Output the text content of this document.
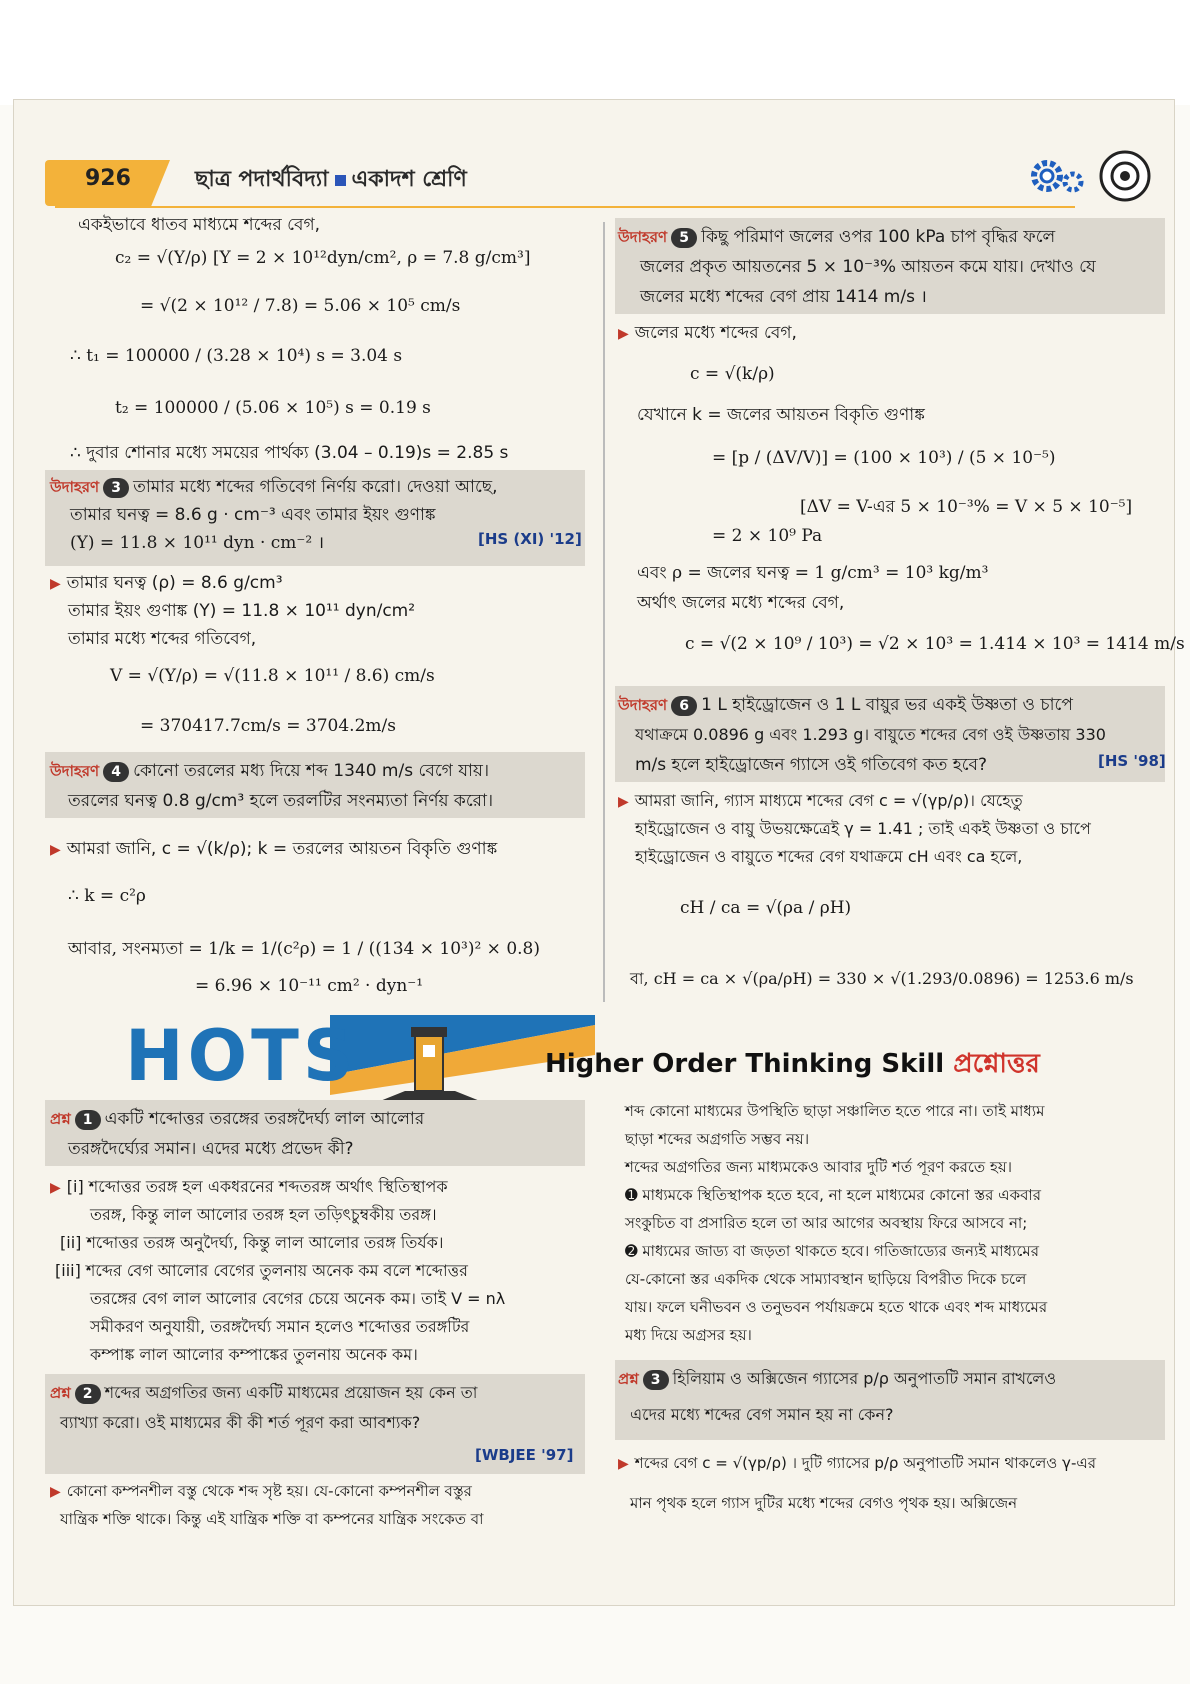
926	ছাত্র পদার্থবিদ্যা একাদশ শ্রেণি
একইভাবে ধাতব মাধ্যমে শব্দের বেগ,
c₂ = √(Y/ρ) [Y = 2 × 10¹²dyn/cm², ρ = 7.8 g/cm³]
= √(2 × 10¹² / 7.8) = 5.06 × 10⁵ cm/s
∴ t₁ = 100000 / (3.28 × 10⁴) s = 3.04 s
t₂ = 100000 / (5.06 × 10⁵) s = 0.19 s
∴ দুবার শোনার মধ্যে সময়ের পার্থক্য (3.04 – 0.19)s = 2.85 s
উদাহরণ 3 তামার মধ্যে শব্দের গতিবেগ নির্ণয় করো। দেওয়া আছে,
তামার ঘনত্ব = 8.6 g · cm⁻³ এবং তামার ইয়ং গুণাঙ্ক
(Y) = 11.8 × 10¹¹ dyn · cm⁻² ।	[HS (XI) '12]
▶ তামার ঘনত্ব (ρ) = 8.6 g/cm³
তামার ইয়ং গুণাঙ্ক (Y) = 11.8 × 10¹¹ dyn/cm²
তামার মধ্যে শব্দের গতিবেগ,
V = √(Y/ρ) = √(11.8 × 10¹¹ / 8.6) cm/s
= 370417.7cm/s = 3704.2m/s
উদাহরণ 4 কোনো তরলের মধ্য দিয়ে শব্দ 1340 m/s বেগে যায়।
তরলের ঘনত্ব 0.8 g/cm³ হলে তরলটির সংনম্যতা নির্ণয় করো।
▶ আমরা জানি, c = √(k/ρ); k = তরলের আয়তন বিকৃতি গুণাঙ্ক
∴ k = c²ρ
আবার, সংনম্যতা = 1/k = 1/(c²ρ) = 1 / ((134 × 10³)² × 0.8)
= 6.96 × 10⁻¹¹ cm² · dyn⁻¹
উদাহরণ 5 কিছু পরিমাণ জলের ওপর 100 kPa চাপ বৃদ্ধির ফলে
জলের প্রকৃত আয়তনের 5 × 10⁻³% আয়তন কমে যায়। দেখাও যে
জলের মধ্যে শব্দের বেগ প্রায় 1414 m/s ।
▶ জলের মধ্যে শব্দের বেগ,
c = √(k/ρ)
যেখানে k = জলের আয়তন বিকৃতি গুণাঙ্ক
= [p / (ΔV/V)] = (100 × 10³) / (5 × 10⁻⁵)
[ΔV = V-এর 5 × 10⁻³% = V × 5 × 10⁻⁵]
= 2 × 10⁹ Pa
এবং ρ = জলের ঘনত্ব = 1 g/cm³ = 10³ kg/m³
অর্থাৎ জলের মধ্যে শব্দের বেগ,
c = √(2 × 10⁹ / 10³) = √2 × 10³ = 1.414 × 10³ = 1414 m/s
উদাহরণ 6 1 L হাইড্রোজেন ও 1 L বায়ুর ভর একই উষ্ণতা ও চাপে
যথাক্রমে 0.0896 g এবং 1.293 g। বায়ুতে শব্দের বেগ ওই উষ্ণতায় 330
m/s হলে হাইড্রোজেন গ্যাসে ওই গতিবেগ কত হবে?	[HS '98]
▶ আমরা জানি, গ্যাস মাধ্যমে শব্দের বেগ c = √(γp/ρ)। যেহেতু
হাইড্রোজেন ও বায়ু উভয়ক্ষেত্রেই γ = 1.41 ; তাই একই উষ্ণতা ও চাপে
হাইড্রোজেন ও বায়ুতে শব্দের বেগ যথাক্রমে cH এবং ca হলে,
cH / ca = √(ρa / ρH)
বা, cH = ca × √(ρa/ρH) = 330 × √(1.293/0.0896) = 1253.6 m/s
HOTS	Higher Order Thinking Skill প্রশ্নোত্তর
প্রশ্ন 1 একটি শব্দোত্তর তরঙ্গের তরঙ্গদৈর্ঘ্য লাল আলোর
তরঙ্গদৈর্ঘ্যের সমান। এদের মধ্যে প্রভেদ কী?
▶ [i] শব্দোত্তর তরঙ্গ হল একধরনের শব্দতরঙ্গ অর্থাৎ স্থিতিস্থাপক
তরঙ্গ, কিন্তু লাল আলোর তরঙ্গ হল তড়িৎচুম্বকীয় তরঙ্গ।
[ii] শব্দোত্তর তরঙ্গ অনুদৈর্ঘ্য, কিন্তু লাল আলোর তরঙ্গ তির্যক।
[iii] শব্দের বেগ আলোর বেগের তুলনায় অনেক কম বলে শব্দোত্তর
তরঙ্গের বেগ লাল আলোর বেগের চেয়ে অনেক কম। তাই V = nλ
সমীকরণ অনুযায়ী, তরঙ্গদৈর্ঘ্য সমান হলেও শব্দোত্তর তরঙ্গটির
কম্পাঙ্ক লাল আলোর কম্পাঙ্কের তুলনায় অনেক কম।
প্রশ্ন 2 শব্দের অগ্রগতির জন্য একটি মাধ্যমের প্রয়োজন হয় কেন তা
ব্যাখ্যা করো। ওই মাধ্যমের কী কী শর্ত পূরণ করা আবশ্যক?
[WBJEE '97]
▶ কোনো কম্পনশীল বস্তু থেকে শব্দ সৃষ্ট হয়। যে-কোনো কম্পনশীল বস্তুর
যান্ত্রিক শক্তি থাকে। কিন্তু এই যান্ত্রিক শক্তি বা কম্পনের যান্ত্রিক সংকেত বা
শব্দ কোনো মাধ্যমের উপস্থিতি ছাড়া সঞ্চালিত হতে পারে না। তাই মাধ্যম
ছাড়া শব্দের অগ্রগতি সম্ভব নয়।
শব্দের অগ্রগতির জন্য মাধ্যমকেও আবার দুটি শর্ত পূরণ করতে হয়।
➊ মাধ্যমকে স্থিতিস্থাপক হতে হবে, না হলে মাধ্যমের কোনো স্তর একবার
সংকুচিত বা প্রসারিত হলে তা আর আগের অবস্থায় ফিরে আসবে না;
➋ মাধ্যমের জাড্য বা জড়তা থাকতে হবে। গতিজাড্যের জন্যই মাধ্যমের
যে-কোনো স্তর একদিক থেকে সাম্যাবস্থান ছাড়িয়ে বিপরীত দিকে চলে
যায়। ফলে ঘনীভবন ও তনুভবন পর্যায়ক্রমে হতে থাকে এবং শব্দ মাধ্যমের
মধ্য দিয়ে অগ্রসর হয়।
প্রশ্ন 3 হিলিয়াম ও অক্সিজেন গ্যাসের p/ρ অনুপাতটি সমান রাখলেও
এদের মধ্যে শব্দের বেগ সমান হয় না কেন?
▶ শব্দের বেগ c = √(γp/ρ) । দুটি গ্যাসের p/ρ অনুপাতটি সমান থাকলেও γ-এর
মান পৃথক হলে গ্যাস দুটির মধ্যে শব্দের বেগও পৃথক হয়। অক্সিজেন
